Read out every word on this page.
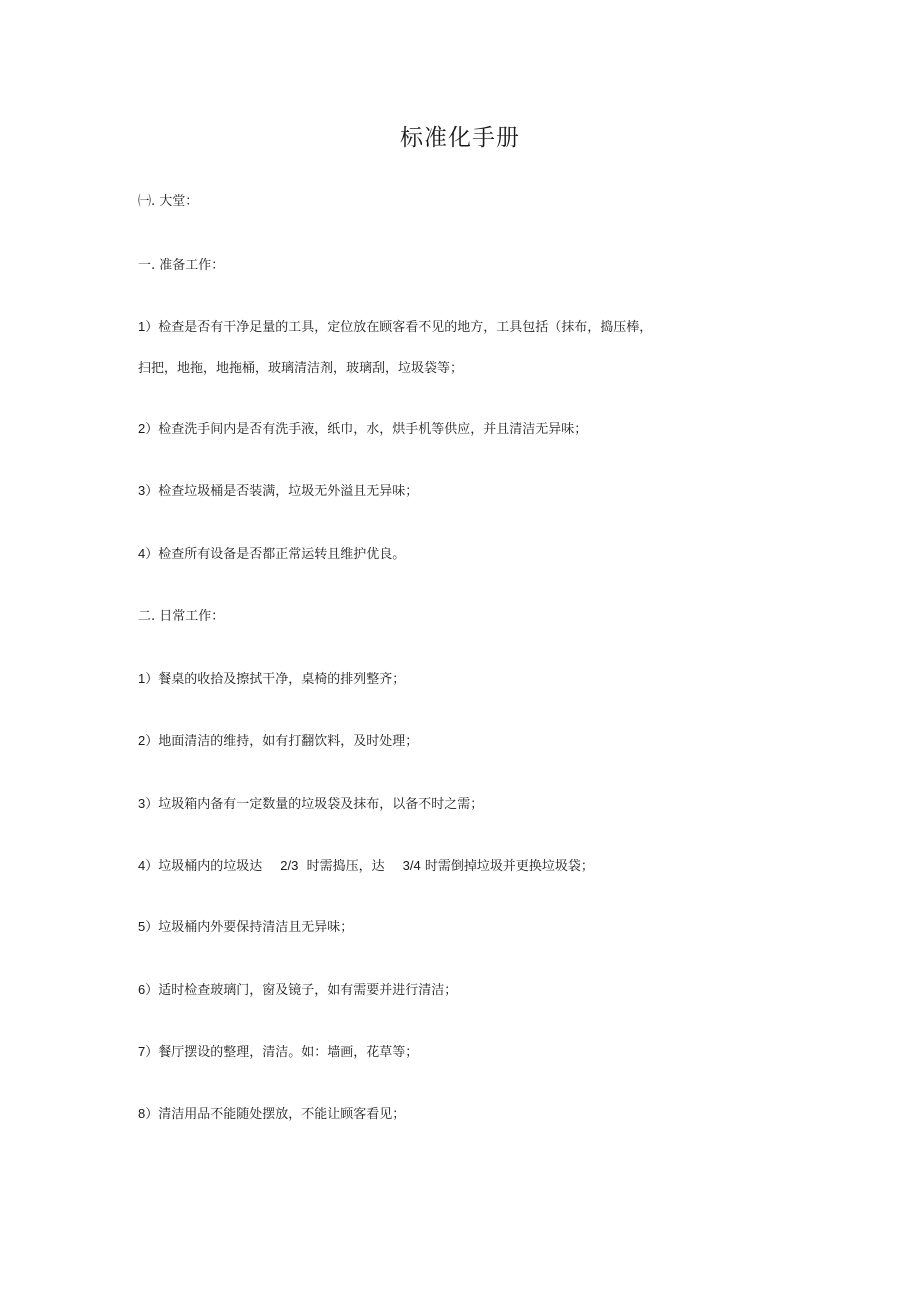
标准化手册

㈠. 大堂：

一. 准备工作：

1）检查是否有干净足量的工具，定位放在顾客看不见的地方，工具包括（抹布，捣压棒，

扫把，地拖，地拖桶，玻璃清洁剂，玻璃刮，垃圾袋等；

2）检查洗手间内是否有洗手液，纸巾，水，烘手机等供应，并且清洁无异味；

3）检查垃圾桶是否装满，垃圾无外溢且无异味；

4）检查所有设备是否都正常运转且维护优良。

二. 日常工作：

1）餐桌的收拾及擦拭干净，桌椅的排列整齐；

2）地面清洁的维持，如有打翻饮料，及时处理；

3）垃圾箱内备有一定数量的垃圾袋及抹布，以备不时之需；

4）垃圾桶内的垃圾达 2/3 时需捣压，达 3/4 时需倒掉垃圾并更换垃圾袋；

5）垃圾桶内外要保持清洁且无异味；

6）适时检查玻璃门，窗及镜子，如有需要并进行清洁；

7）餐厅摆设的整理，清洁。如：墙画，花草等；

8）清洁用品不能随处摆放，不能让顾客看见；
